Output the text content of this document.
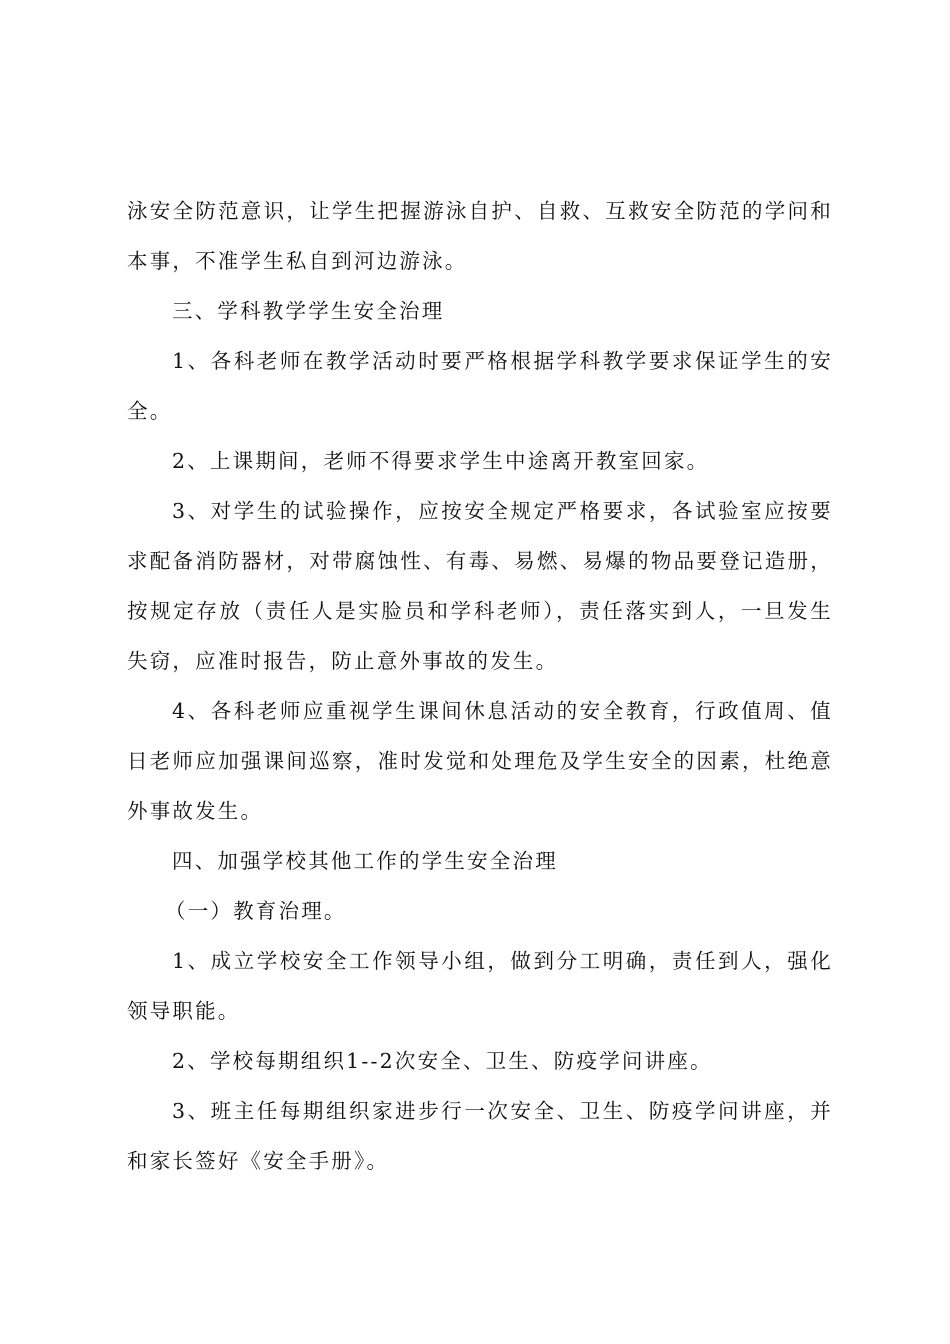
泳安全防范意识，让学生把握游泳自护、自救、互救安全防范的学问和本事，不准学生私自到河边游泳。

三、学科教学学生安全治理

1、各科老师在教学活动时要严格根据学科教学要求保证学生的安全。

2、上课期间，老师不得要求学生中途离开教室回家。

3、对学生的试验操作，应按安全规定严格要求，各试验室应按要求配备消防器材，对带腐蚀性、有毒、易燃、易爆的物品要登记造册，按规定存放（责任人是实脸员和学科老师），责任落实到人，一旦发生失窃，应准时报告，防止意外事故的发生。

4、各科老师应重视学生课间休息活动的安全教育，行政值周、值日老师应加强课间巡察，准时发觉和处理危及学生安全的因素，杜绝意外事故发生。

四、加强学校其他工作的学生安全治理

（一）教育治理。

1、成立学校安全工作领导小组，做到分工明确，责任到人，强化领导职能。

2、学校每期组织1--2次安全、卫生、防疫学问讲座。

3、班主任每期组织家进步行一次安全、卫生、防疫学问讲座，并和家长签好《安全手册》。
